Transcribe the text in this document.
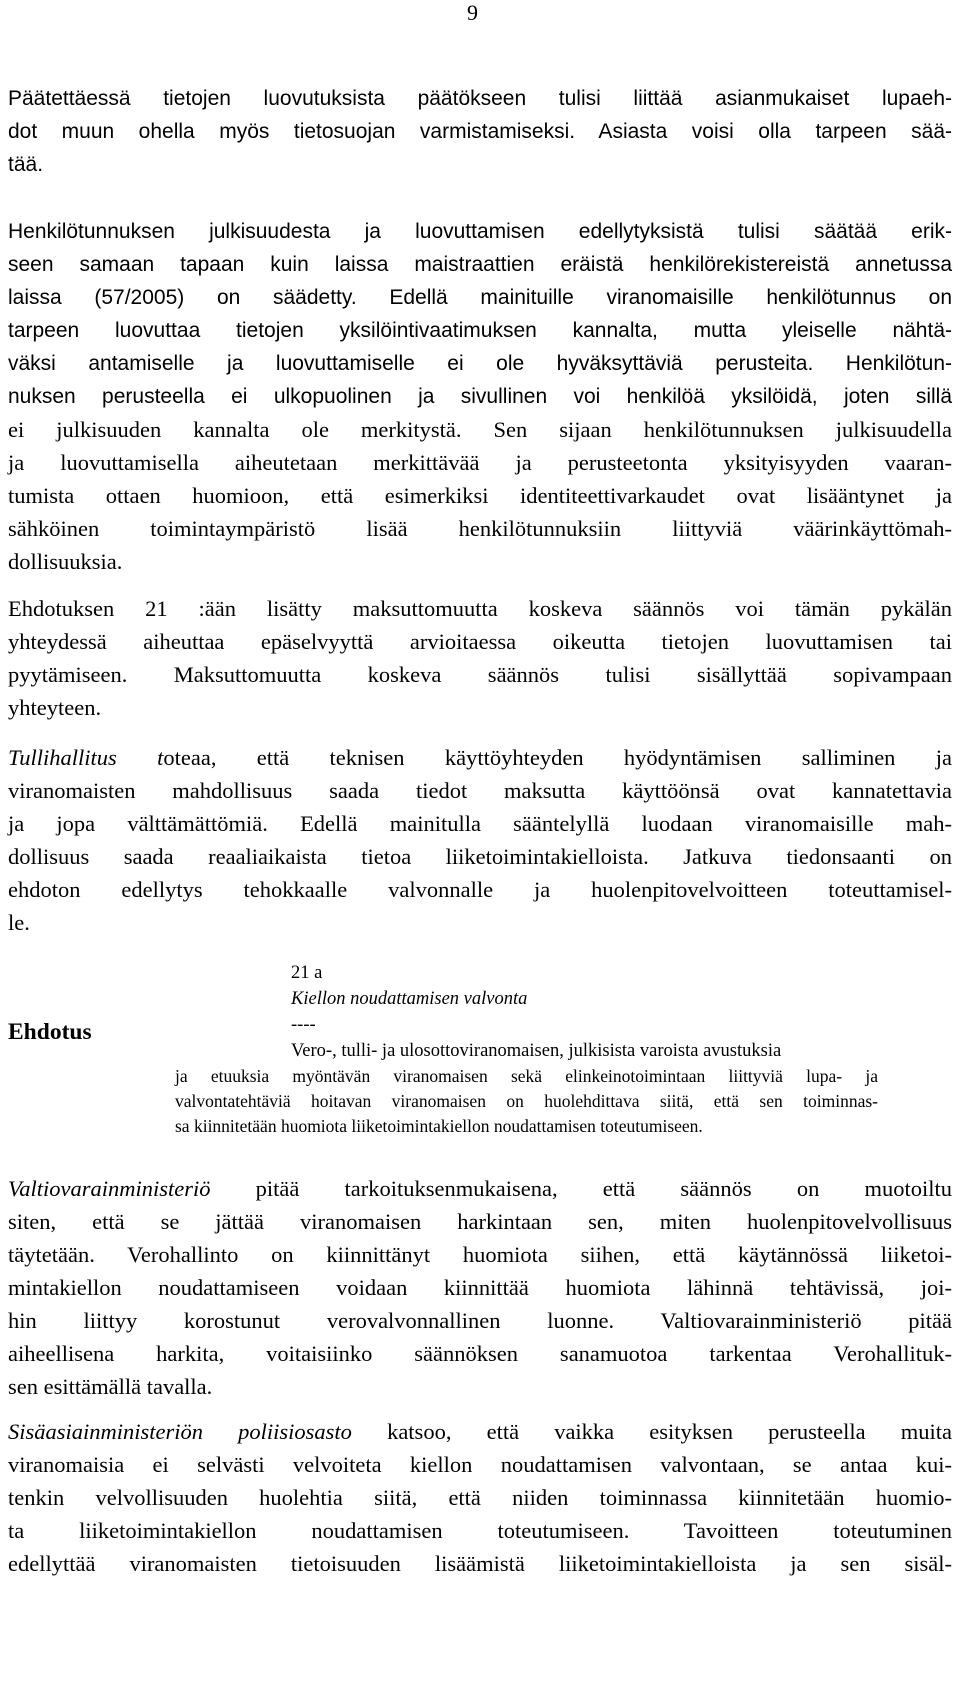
9
Päätettäessä tietojen luovutuksista päätökseen tulisi liittää asianmukaiset lupaeh-
dot muun ohella myös tietosuojan varmistamiseksi. Asiasta voisi olla tarpeen sää-
tää.
Henkilötunnuksen julkisuudesta ja luovuttamisen edellytyksistä tulisi säätää erik-
seen samaan tapaan kuin laissa maistraattien eräistä henkilörekistereistä annetussa
laissa (57/2005) on säädetty. Edellä mainituille viranomaisille henkilötunnus on
tarpeen luovuttaa tietojen yksilöintivaatimuksen kannalta, mutta yleiselle nähtä-
väksi antamiselle ja luovuttamiselle ei ole hyväksyttäviä perusteita. Henkilötun-
nuksen perusteella ei ulkopuolinen ja sivullinen voi henkilöä yksilöidä, joten sillä
ei julkisuuden kannalta ole merkitystä. Sen sijaan henkilötunnuksen julkisuudella
ja luovuttamisella aiheutetaan merkittävää ja perusteetonta yksityisyyden vaaran-
tumista ottaen huomioon, että esimerkiksi identiteettivarkaudet ovat lisääntynet ja
sähköinen toimintaympäristö lisää henkilötunnuksiin liittyviä väärinkäyttömah-
dollisuuksia.
Ehdotuksen 21 :ään lisätty maksuttomuutta koskeva säännös voi tämän pykälän
yhteydessä aiheuttaa epäselvyyttä arvioitaessa oikeutta tietojen luovuttamisen tai
pyytämiseen. Maksuttomuutta koskeva säännös tulisi sisällyttää sopivampaan
yhteyteen.
Tullihallitus toteaa, että teknisen käyttöyhteyden hyödyntämisen salliminen ja
viranomaisten mahdollisuus saada tiedot maksutta käyttöönsä ovat kannatettavia
ja jopa välttämättömiä. Edellä mainitulla sääntelyllä luodaan viranomaisille mah-
dollisuus saada reaaliaikaista tietoa liiketoimintakielloista. Jatkuva tiedonsaanti on
ehdoton edellytys tehokkaalle valvonnalle ja huolenpitovelvoitteen toteuttamisel-
le.
Ehdotus
21 a
Kiellon noudattamisen valvonta
----
Vero-, tulli- ja ulosottoviranomaisen, julkisista varoista avustuksia
ja etuuksia myöntävän viranomaisen sekä elinkeinotoimintaan liittyviä lupa- ja
valvontatehtäviä hoitavan viranomaisen on huolehdittava siitä, että sen toiminnas-
sa kiinnitetään huomiota liiketoimintakiellon noudattamisen toteutumiseen.
Valtiovarainministeriö pitää tarkoituksenmukaisena, että säännös on muotoiltu
siten, että se jättää viranomaisen harkintaan sen, miten huolenpitovelvollisuus
täytetään. Verohallinto on kiinnittänyt huomiota siihen, että käytännössä liiketoi-
mintakiellon noudattamiseen voidaan kiinnittää huomiota lähinnä tehtävissä, joi-
hin liittyy korostunut verovalvonnallinen luonne. Valtiovarainministeriö pitää
aiheellisena harkita, voitaisiinko säännöksen sanamuotoa tarkentaa Verohallituk-
sen esittämällä tavalla.
Sisäasiainministeriön poliisiosasto katsoo, että vaikka esityksen perusteella muita
viranomaisia ei selvästi velvoiteta kiellon noudattamisen valvontaan, se antaa kui-
tenkin velvollisuuden huolehtia siitä, että niiden toiminnassa kiinnitetään huomio-
ta liiketoimintakiellon noudattamisen toteutumiseen. Tavoitteen toteutuminen
edellyttää viranomaisten tietoisuuden lisäämistä liiketoimintakielloista ja sen sisäl-
